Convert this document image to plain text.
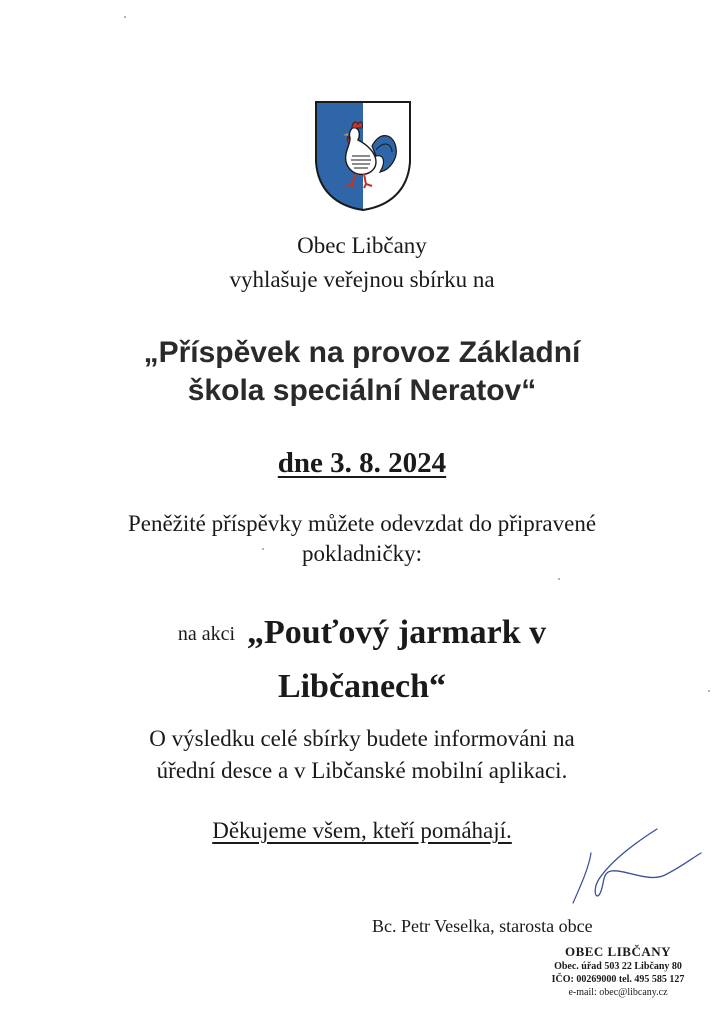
Obec Libčany
vyhlašuje veřejnou sbírku na
„Příspěvek na provoz Základní
škola speciální Neratov“
dne 3. 8. 2024
Peněžité příspěvky můžete odevzdat do připravené
pokladničky:
na akci „Pouťový jarmark v
Libčanech“
O výsledku celé sbírky budete informováni na
úřední desce a v Libčanské mobilní aplikaci.
Děkujeme všem, kteří pomáhají.
Bc. Petr Veselka, starosta obce
OBEC LIBČANY
Obec. úřad 503 22 Libčany 80
IČO: 00269000 tel. 495 585 127
e-mail: obec@libcany.cz
